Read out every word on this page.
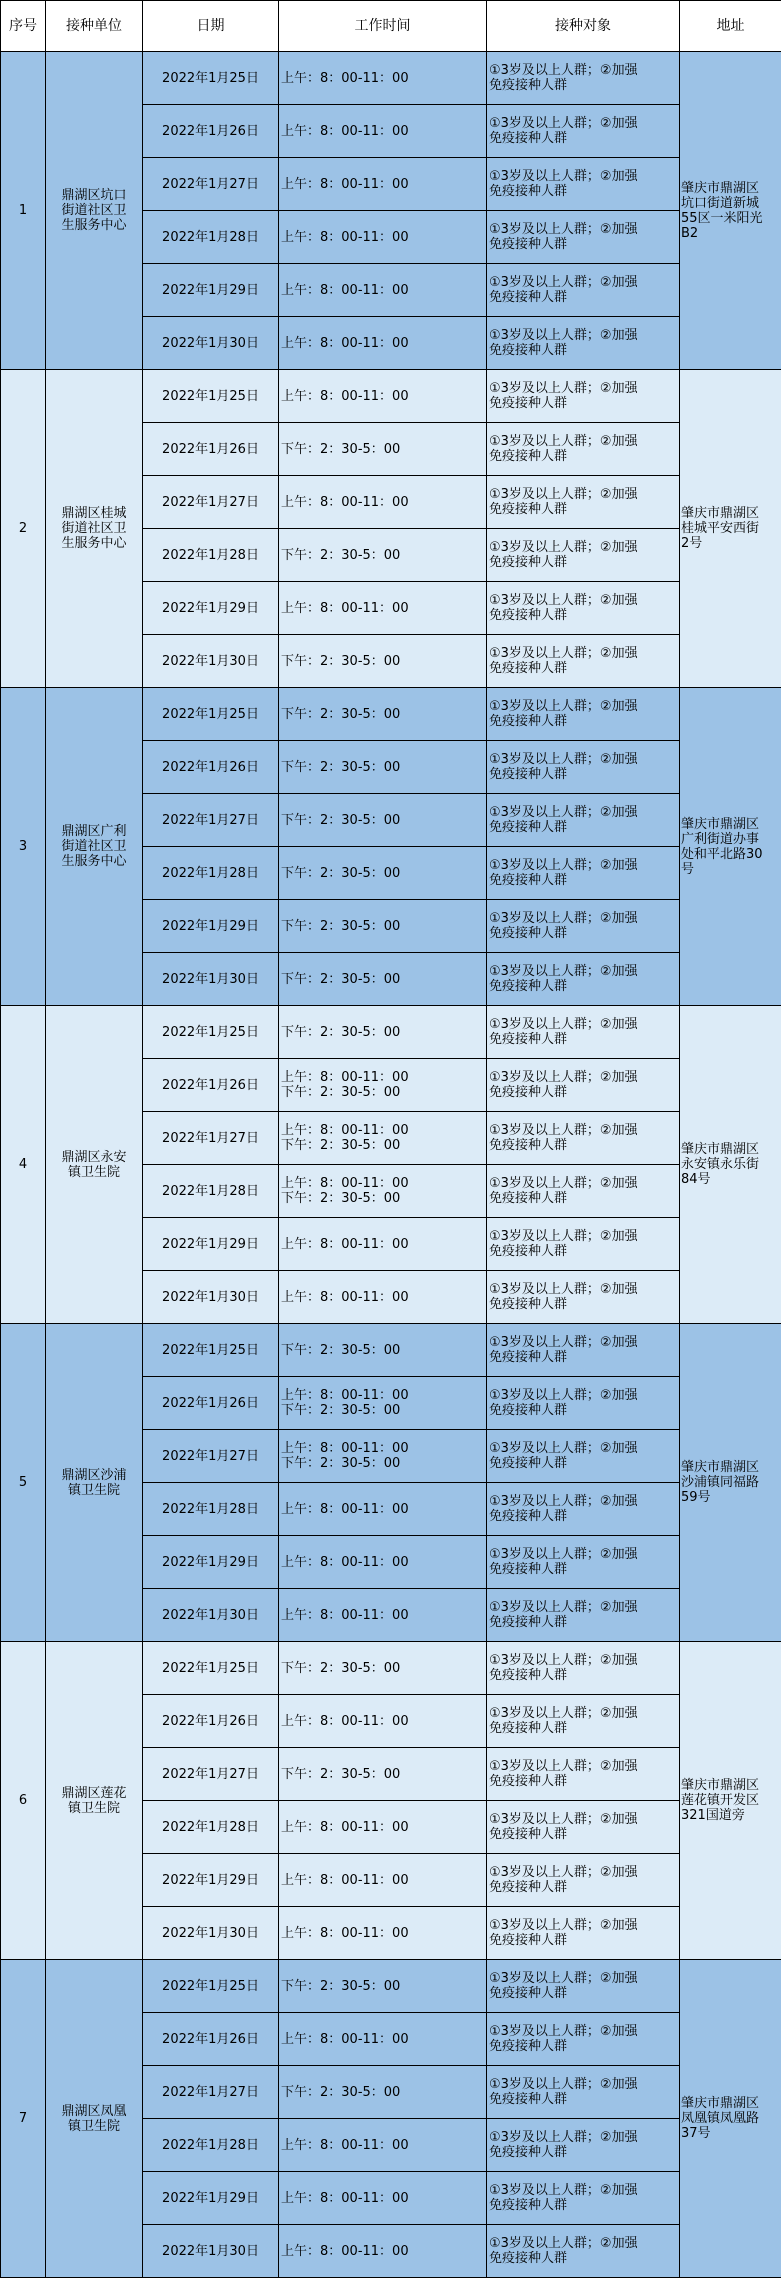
序号	接种单位	日期	工作时间	接种对象	地址
1	鼎湖区坑口
街道社区卫
生服务中心	2022年1月25日	上午：8：00-11：00	①3岁及以上人群；②加强
免疫接种人群	肇庆市鼎湖区
坑口街道新城
55区一米阳光
B2

		2022年1月26日	上午：8：00-11：00	①3岁及以上人群；②加强
免疫接种人群	

		2022年1月27日	上午：8：00-11：00	①3岁及以上人群；②加强
免疫接种人群	

		2022年1月28日	上午：8：00-11：00	①3岁及以上人群；②加强
免疫接种人群	

		2022年1月29日	上午：8：00-11：00	①3岁及以上人群；②加强
免疫接种人群	

		2022年1月30日	上午：8：00-11：00	①3岁及以上人群；②加强
免疫接种人群	

2	鼎湖区桂城
街道社区卫
生服务中心	2022年1月25日	上午：8：00-11：00	①3岁及以上人群；②加强
免疫接种人群	肇庆市鼎湖区
桂城平安西街
2号

		2022年1月26日	下午：2：30-5：00	①3岁及以上人群；②加强
免疫接种人群	

		2022年1月27日	上午：8：00-11：00	①3岁及以上人群；②加强
免疫接种人群	

		2022年1月28日	下午：2：30-5：00	①3岁及以上人群；②加强
免疫接种人群	

		2022年1月29日	上午：8：00-11：00	①3岁及以上人群；②加强
免疫接种人群	

		2022年1月30日	下午：2：30-5：00	①3岁及以上人群；②加强
免疫接种人群	

3	鼎湖区广利
街道社区卫
生服务中心	2022年1月25日	下午：2：30-5：00	①3岁及以上人群；②加强
免疫接种人群	肇庆市鼎湖区
广利街道办事
处和平北路30
号

		2022年1月26日	下午：2：30-5：00	①3岁及以上人群；②加强
免疫接种人群	

		2022年1月27日	下午：2：30-5：00	①3岁及以上人群；②加强
免疫接种人群	

		2022年1月28日	下午：2：30-5：00	①3岁及以上人群；②加强
免疫接种人群	

		2022年1月29日	下午：2：30-5：00	①3岁及以上人群；②加强
免疫接种人群	

		2022年1月30日	下午：2：30-5：00	①3岁及以上人群；②加强
免疫接种人群	

4	鼎湖区永安
镇卫生院	2022年1月25日	下午：2：30-5：00	①3岁及以上人群；②加强
免疫接种人群	肇庆市鼎湖区
永安镇永乐街
84号

		2022年1月26日	上午：8：00-11：00
下午：2：30-5：00	①3岁及以上人群；②加强
免疫接种人群	

		2022年1月27日	上午：8：00-11：00
下午：2：30-5：00	①3岁及以上人群；②加强
免疫接种人群	

		2022年1月28日	上午：8：00-11：00
下午：2：30-5：00	①3岁及以上人群；②加强
免疫接种人群	

		2022年1月29日	上午：8：00-11：00	①3岁及以上人群；②加强
免疫接种人群	

		2022年1月30日	上午：8：00-11：00	①3岁及以上人群；②加强
免疫接种人群	

5	鼎湖区沙浦
镇卫生院	2022年1月25日	下午：2：30-5：00	①3岁及以上人群；②加强
免疫接种人群	肇庆市鼎湖区
沙浦镇同福路
59号

		2022年1月26日	上午：8：00-11：00
下午：2：30-5：00	①3岁及以上人群；②加强
免疫接种人群	

		2022年1月27日	上午：8：00-11：00
下午：2：30-5：00	①3岁及以上人群；②加强
免疫接种人群	

		2022年1月28日	上午：8：00-11：00	①3岁及以上人群；②加强
免疫接种人群	

		2022年1月29日	上午：8：00-11：00	①3岁及以上人群；②加强
免疫接种人群	

		2022年1月30日	上午：8：00-11：00	①3岁及以上人群；②加强
免疫接种人群	

6	鼎湖区莲花
镇卫生院	2022年1月25日	下午：2：30-5：00	①3岁及以上人群；②加强
免疫接种人群	肇庆市鼎湖区
莲花镇开发区
321国道旁

		2022年1月26日	上午：8：00-11：00	①3岁及以上人群；②加强
免疫接种人群	

		2022年1月27日	下午：2：30-5：00	①3岁及以上人群；②加强
免疫接种人群	

		2022年1月28日	上午：8：00-11：00	①3岁及以上人群；②加强
免疫接种人群	

		2022年1月29日	上午：8：00-11：00	①3岁及以上人群；②加强
免疫接种人群	

		2022年1月30日	上午：8：00-11：00	①3岁及以上人群；②加强
免疫接种人群	

7	鼎湖区凤凰
镇卫生院	2022年1月25日	下午：2：30-5：00	①3岁及以上人群；②加强
免疫接种人群	肇庆市鼎湖区
凤凰镇凤凰路
37号

		2022年1月26日	上午：8：00-11：00	①3岁及以上人群；②加强
免疫接种人群	

		2022年1月27日	下午：2：30-5：00	①3岁及以上人群；②加强
免疫接种人群	

		2022年1月28日	上午：8：00-11：00	①3岁及以上人群；②加强
免疫接种人群	

		2022年1月29日	上午：8：00-11：00	①3岁及以上人群；②加强
免疫接种人群	

		2022年1月30日	上午：8：00-11：00	①3岁及以上人群；②加强
免疫接种人群	
